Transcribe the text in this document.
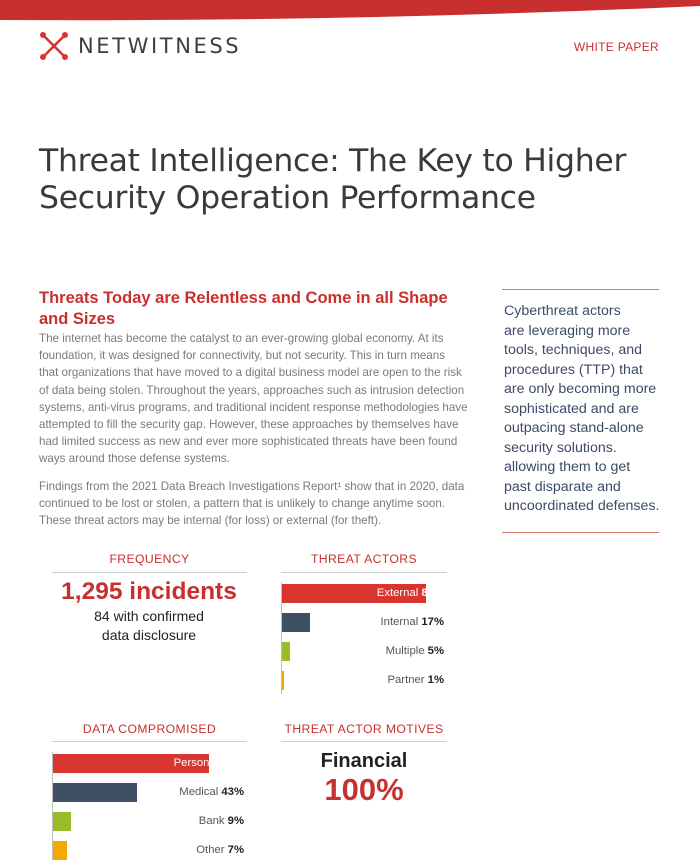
NETWITNESS	WHITE PAPER
Threat Intelligence: The Key to Higher
Security Operation Performance
Threats Today are Relentless and Come in all Shape
and Sizes
The internet has become the catalyst to an ever-growing global economy. At its
foundation, it was designed for connectivity, but not security. This in turn means
that organizations that have moved to a digital business model are open to the risk
of data being stolen. Throughout the years, approaches such as intrusion detection
systems, anti-virus programs, and traditional incident response methodologies have
attempted to fill the security gap. However, these approaches by themselves have
had limited success as new and ever more sophisticated threats have been found
ways around those defense systems.
Findings from the 2021 Data Breach Investigations Report¹ show that in 2020, data
continued to be lost or stolen, a pattern that is unlikely to change anytime soon.
These threat actors may be internal (for loss) or external (for theft).
Cyberthreat actors
are leveraging more
tools, techniques, and
procedures (TTP) that
are only becoming more
sophisticated and are
outpacing stand-alone
security solutions.
allowing them to get
past disparate and
uncoordinated defenses.
FREQUENCY
1,295 incidents
84 with confirmed
data disclosure
THREAT ACTORS
External 87%
Internal 17%
Multiple 5%
Partner 1%
DATA COMPROMISED
Personal 80%
Medical 43%
Bank 9%
Other 7%
THREAT ACTOR MOTIVES
Financial
100%
